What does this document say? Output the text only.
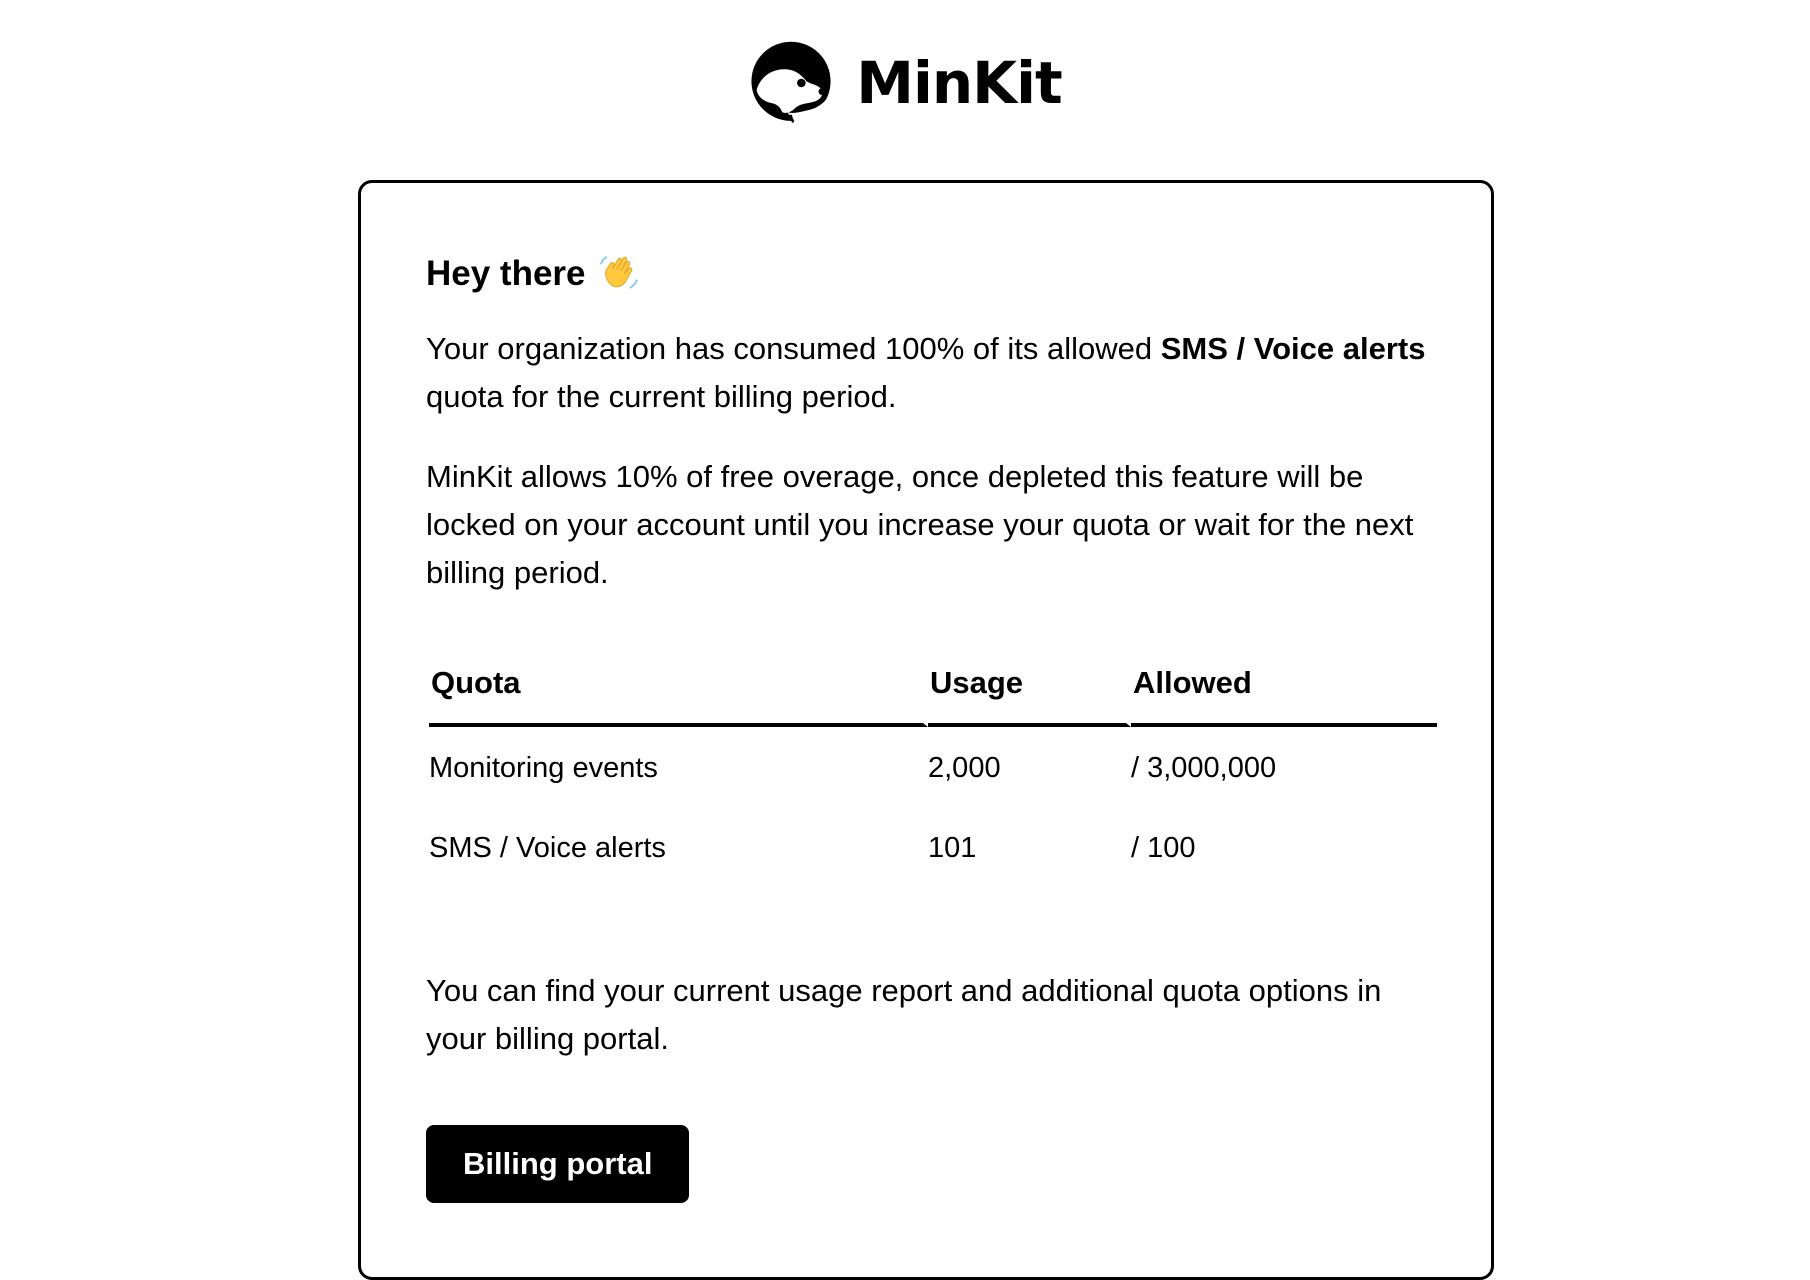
MinKit
Hey there

Your organization has consumed 100% of its allowed SMS / Voice alerts quota for the current billing period.

MinKit allows 10% of free overage, once depleted this feature will be locked on your account until you increase your quota or wait for the next billing period.

Quota	Usage	Allowed
Monitoring events	2,000	/ 3,000,000
SMS / Voice alerts	101	/ 100

You can find your current usage report and additional quota options in your billing portal.

Billing portal
